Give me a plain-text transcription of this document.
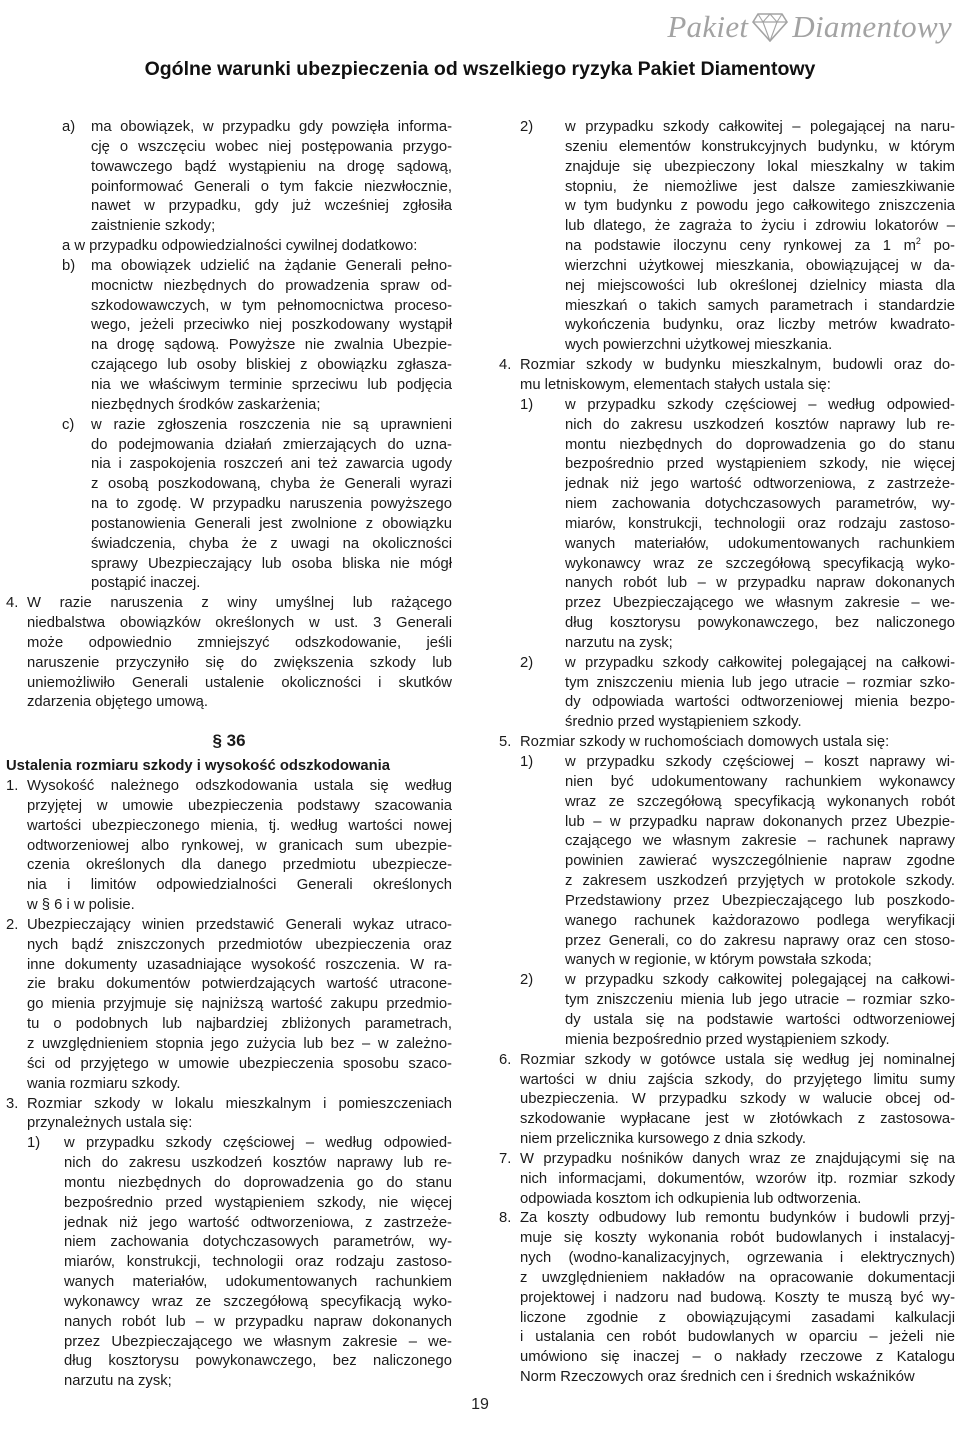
Pakiet Diamentowy
Ogólne warunki ubezpieczenia od wszelkiego ryzyka Pakiet Diamentowy
a) ma obowiązek, w przypadku gdy powzięła informa-
cję o wszczęciu wobec niej postępowania przygo-
towawczego bądź wystąpieniu na drogę sądową,
poinformować Generali o tym fakcie niezwłocznie,
nawet w przypadku, gdy już wcześniej zgłosiła
zaistnienie szkody;
a w przypadku odpowiedzialności cywilnej dodatkowo:
b) ma obowiązek udzielić na żądanie Generali pełno-
mocnictw niezbędnych do prowadzenia spraw od-
szkodowawczych, w tym pełnomocnictwa proceso-
wego, jeżeli przeciwko niej poszkodowany wystąpił
na drogę sądową. Powyższe nie zwalnia Ubezpie-
czającego lub osoby bliskiej z obowiązku zgłasza-
nia we właściwym terminie sprzeciwu lub podjęcia
niezbędnych środków zaskarżenia;
c) w razie zgłoszenia roszczenia nie są uprawnieni
do podejmowania działań zmierzających do uzna-
nia i zaspokojenia roszczeń ani też zawarcia ugody
z osobą poszkodowaną, chyba że Generali wyrazi
na to zgodę. W przypadku naruszenia powyższego
postanowienia Generali jest zwolnione z obowiązku
świadczenia, chyba że z uwagi na okoliczności
sprawy Ubezpieczający lub osoba bliska nie mógł
postąpić inaczej.
4. W razie naruszenia z winy umyślnej lub rażącego
niedbalstwa obowiązków określonych w ust. 3 Generali
może odpowiednio zmniejszyć odszkodowanie, jeśli
naruszenie przyczyniło się do zwiększenia szkody lub
uniemożliwiło Generali ustalenie okoliczności i skutków
zdarzenia objętego umową.
§ 36
Ustalenia rozmiaru szkody i wysokość odszkodowania
1. Wysokość należnego odszkodowania ustala się według
przyjętej w umowie ubezpieczenia podstawy szacowania
wartości ubezpieczonego mienia, tj. według wartości nowej
odtworzeniowej albo rynkowej, w granicach sum ubezpie-
czenia określonych dla danego przedmiotu ubezpiecze-
nia i limitów odpowiedzialności Generali określonych
w § 6 i w polisie.
2. Ubezpieczający winien przedstawić Generali wykaz utraco-
nych bądź zniszczonych przedmiotów ubezpieczenia oraz
inne dokumenty uzasadniające wysokość roszczenia. W ra-
zie braku dokumentów potwierdzających wartość utracone-
go mienia przyjmuje się najniższą wartość zakupu przedmio-
tu o podobnych lub najbardziej zbliżonych parametrach,
z uwzględnieniem stopnia jego zużycia lub bez – w zależno-
ści od przyjętego w umowie ubezpieczenia sposobu szaco-
wania rozmiaru szkody.
3. Rozmiar szkody w lokalu mieszkalnym i pomieszczeniach
przynależnych ustala się:
1) w przypadku szkody częściowej – według odpowied-
nich do zakresu uszkodzeń kosztów naprawy lub re-
montu niezbędnych do doprowadzenia go do stanu
bezpośrednio przed wystąpieniem szkody, nie więcej
jednak niż jego wartość odtworzeniowa, z zastrzeże-
niem zachowania dotychczasowych parametrów, wy-
miarów, konstrukcji, technologii oraz rodzaju zastoso-
wanych materiałów, udokumentowanych rachunkiem
wykonawcy wraz ze szczegółową specyfikacją wyko-
nanych robót lub – w przypadku napraw dokonanych
przez Ubezpieczającego we własnym zakresie – we-
dług kosztorysu powykonawczego, bez naliczonego
narzutu na zysk;
2) w przypadku szkody całkowitej – polegającej na naru-
szeniu elementów konstrukcyjnych budynku, w którym
znajduje się ubezpieczony lokal mieszkalny w takim
stopniu, że niemożliwe jest dalsze zamieszkiwanie
w tym budynku z powodu jego całkowitego zniszczenia
lub dlatego, że zagraża to życiu i zdrowiu lokatorów –
na podstawie iloczynu ceny rynkowej za 1 $m^2$ po-
wierzchni użytkowej mieszkania, obowiązującej w da-
nej miejscowości lub określonej dzielnicy miasta dla
mieszkań o takich samych parametrach i standardzie
wykończenia budynku, oraz liczby metrów kwadrato-
wych powierzchni użytkowej mieszkania.
4. Rozmiar szkody w budynku mieszkalnym, budowli oraz do-
mu letniskowym, elementach stałych ustala się:
1) w przypadku szkody częściowej – według odpowied-
nich do zakresu uszkodzeń kosztów naprawy lub re-
montu niezbędnych do doprowadzenia go do stanu
bezpośrednio przed wystąpieniem szkody, nie więcej
jednak niż jego wartość odtworzeniowa, z zastrzeże-
niem zachowania dotychczasowych parametrów, wy-
miarów, konstrukcji, technologii oraz rodzaju zastoso-
wanych materiałów, udokumentowanych rachunkiem
wykonawcy wraz ze szczegółową specyfikacją wyko-
nanych robót lub – w przypadku napraw dokonanych
przez Ubezpieczającego we własnym zakresie – we-
dług kosztorysu powykonawczego, bez naliczonego
narzutu na zysk;
2) w przypadku szkody całkowitej polegającej na całkowi-
tym zniszczeniu mienia lub jego utracie – rozmiar szko-
dy odpowiada wartości odtworzeniowej mienia bezpo-
średnio przed wystąpieniem szkody.
5. Rozmiar szkody w ruchomościach domowych ustala się:
1) w przypadku szkody częściowej – koszt naprawy wi-
nien być udokumentowany rachunkiem wykonawcy
wraz ze szczegółową specyfikacją wykonanych robót
lub – w przypadku napraw dokonanych przez Ubezpie-
czającego we własnym zakresie – rachunek naprawy
powinien zawierać wyszczególnienie napraw zgodne
z zakresem uszkodzeń przyjętych w protokole szkody.
Przedstawiony przez Ubezpieczającego lub poszkodo-
wanego rachunek każdorazowo podlega weryfikacji
przez Generali, co do zakresu naprawy oraz cen stoso-
wanych w regionie, w którym powstała szkoda;
2) w przypadku szkody całkowitej polegającej na całkowi-
tym zniszczeniu mienia lub jego utracie – rozmiar szko-
dy ustala się na podstawie wartości odtworzeniowej
mienia bezpośrednio przed wystąpieniem szkody.
6. Rozmiar szkody w gotówce ustala się według jej nominalnej
wartości w dniu zajścia szkody, do przyjętego limitu sumy
ubezpieczenia. W przypadku szkody w walucie obcej od-
szkodowanie wypłacane jest w złotówkach z zastosowa-
niem przelicznika kursowego z dnia szkody.
7. W przypadku nośników danych wraz ze znajdującymi się na
nich informacjami, dokumentów, wzorów itp. rozmiar szkody
odpowiada kosztom ich odkupienia lub odtworzenia.
8. Za koszty odbudowy lub remontu budynków i budowli przyj-
muje się koszty wykonania robót budowlanych i instalacyj-
nych (wodno-kanalizacyjnych, ogrzewania i elektrycznych)
z uwzględnieniem nakładów na opracowanie dokumentacji
projektowej i nadzoru nad budową. Koszty te muszą być wy-
liczone zgodnie z obowiązującymi zasadami kalkulacji
i ustalania cen robót budowlanych w oparciu – jeżeli nie
umówiono się inaczej – o nakłady rzeczowe z Katalogu
Norm Rzeczowych oraz średnich cen i średnich wskaźników
19
